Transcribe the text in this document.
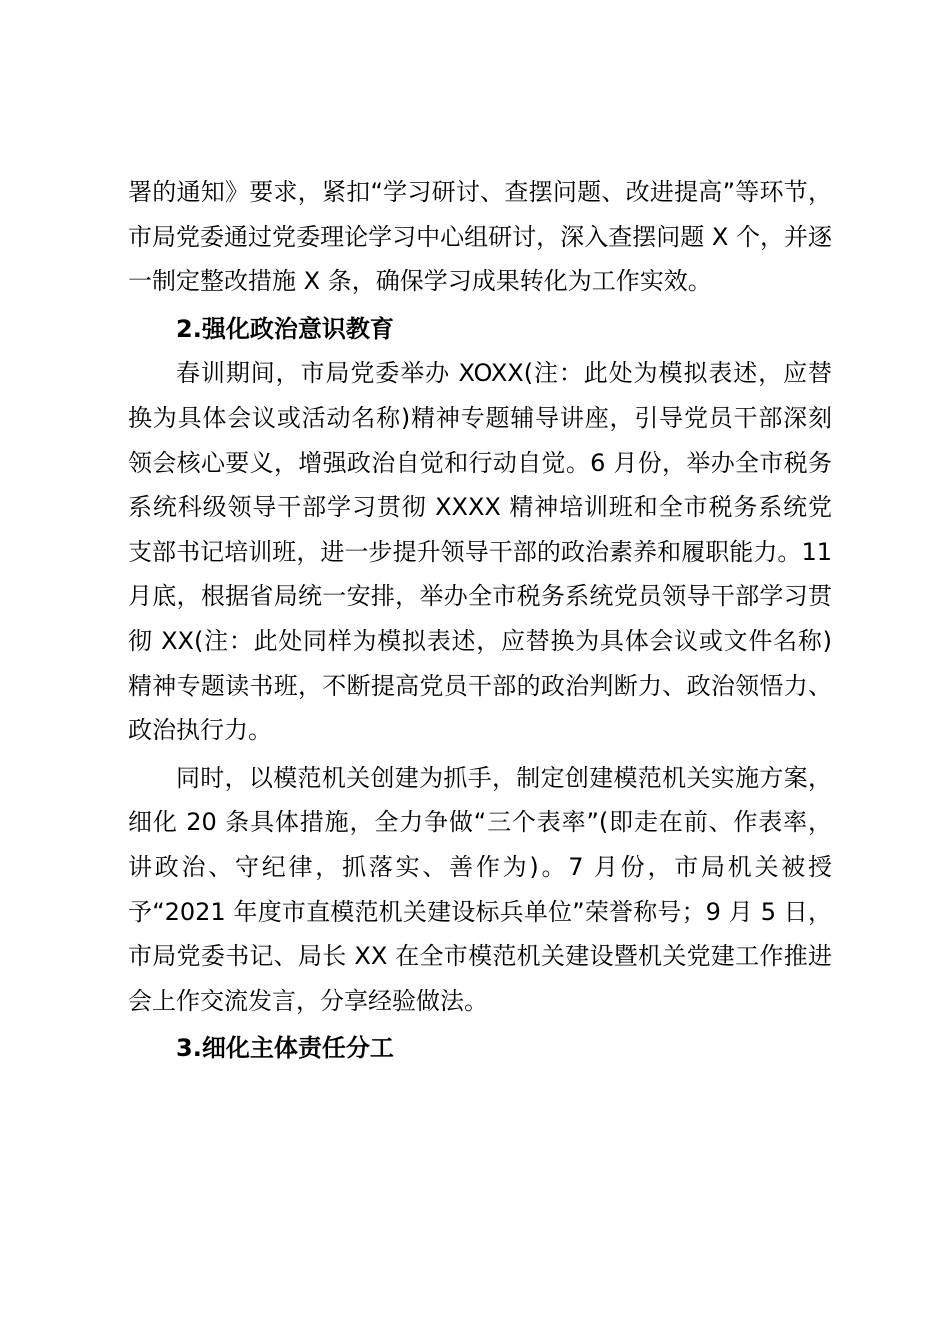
署的通知》要求，紧扣“学习研讨、查摆问题、改进提高”等环节，市局党委通过党委理论学习中心组研讨，深入查摆问题 X 个，并逐一制定整改措施 X 条，确保学习成果转化为工作实效。

2.强化政治意识教育

春训期间，市局党委举办 XOXX(注：此处为模拟表述，应替换为具体会议或活动名称)精神专题辅导讲座，引导党员干部深刻领会核心要义，增强政治自觉和行动自觉。6 月份，举办全市税务系统科级领导干部学习贯彻 XXXX 精神培训班和全市税务系统党支部书记培训班，进一步提升领导干部的政治素养和履职能力。11 月底，根据省局统一安排，举办全市税务系统党员领导干部学习贯彻 XX(注：此处同样为模拟表述，应替换为具体会议或文件名称)精神专题读书班，不断提高党员干部的政治判断力、政治领悟力、政治执行力。

同时，以模范机关创建为抓手，制定创建模范机关实施方案，细化 20 条具体措施，全力争做“三个表率”(即走在前、作表率，讲政治、守纪律，抓落实、善作为)。7 月份，市局机关被授予“2021 年度市直模范机关建设标兵单位”荣誉称号；9 月 5 日，市局党委书记、局长 XX 在全市模范机关建设暨机关党建工作推进会上作交流发言，分享经验做法。

3.细化主体责任分工
